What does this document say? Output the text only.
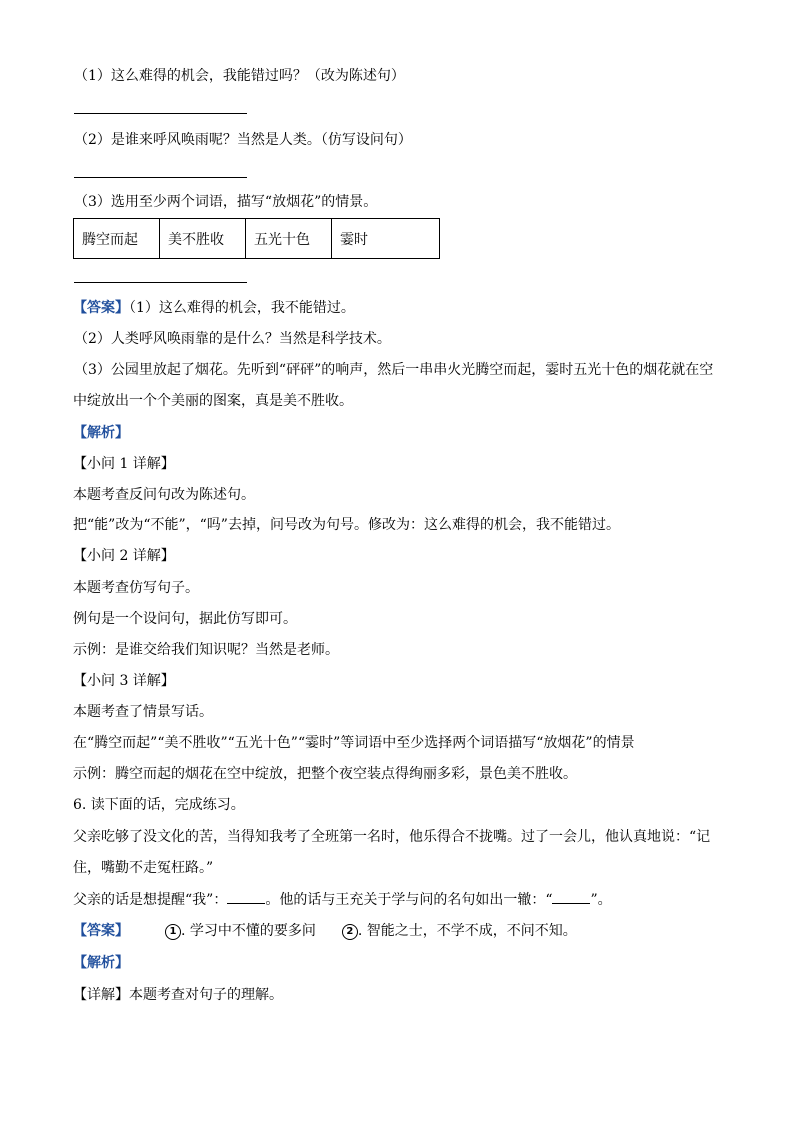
（1）这么难得的机会，我能错过吗？（改为陈述句）
（2）是谁来呼风唤雨呢？当然是人类。（仿写设问句）
（3）选用至少两个词语，描写“放烟花”的情景。
腾空而起	美不胜收	五光十色	霎时
【答案】（1）这么难得的机会，我不能错过。
（2）人类呼风唤雨靠的是什么？当然是科学技术。
（3）公园里放起了烟花。先听到“砰砰”的响声，然后一串串火光腾空而起，霎时五光十色的烟花就在空
中绽放出一个个美丽的图案，真是美不胜收。
【解析】
【小问 1 详解】
本题考查反问句改为陈述句。
把“能”改为“不能”，“吗”去掉，问号改为句号。修改为：这么难得的机会，我不能错过。
【小问 2 详解】
本题考查仿写句子。
例句是一个设问句，据此仿写即可。
示例：是谁交给我们知识呢？当然是老师。
【小问 3 详解】
本题考查了情景写话。
在“腾空而起”“美不胜收”“五光十色”“霎时”等词语中至少选择两个词语描写“放烟花”的情景
示例：腾空而起的烟花在空中绽放，把整个夜空装点得绚丽多彩，景色美不胜收。
6. 读下面的话，完成练习。
父亲吃够了没文化的苦，当得知我考了全班第一名时，他乐得合不拢嘴。过了一会儿，他认真地说：“记
住，嘴勤不走冤枉路。”
父亲的话是想提醒“我”：	。他的话与王充关于学与问的名句如出一辙：“	”。
【答案】	1 . 学习中不懂的要多问	2 . 智能之士，不学不成，不问不知。
【解析】
【详解】本题考查对句子的理解。
